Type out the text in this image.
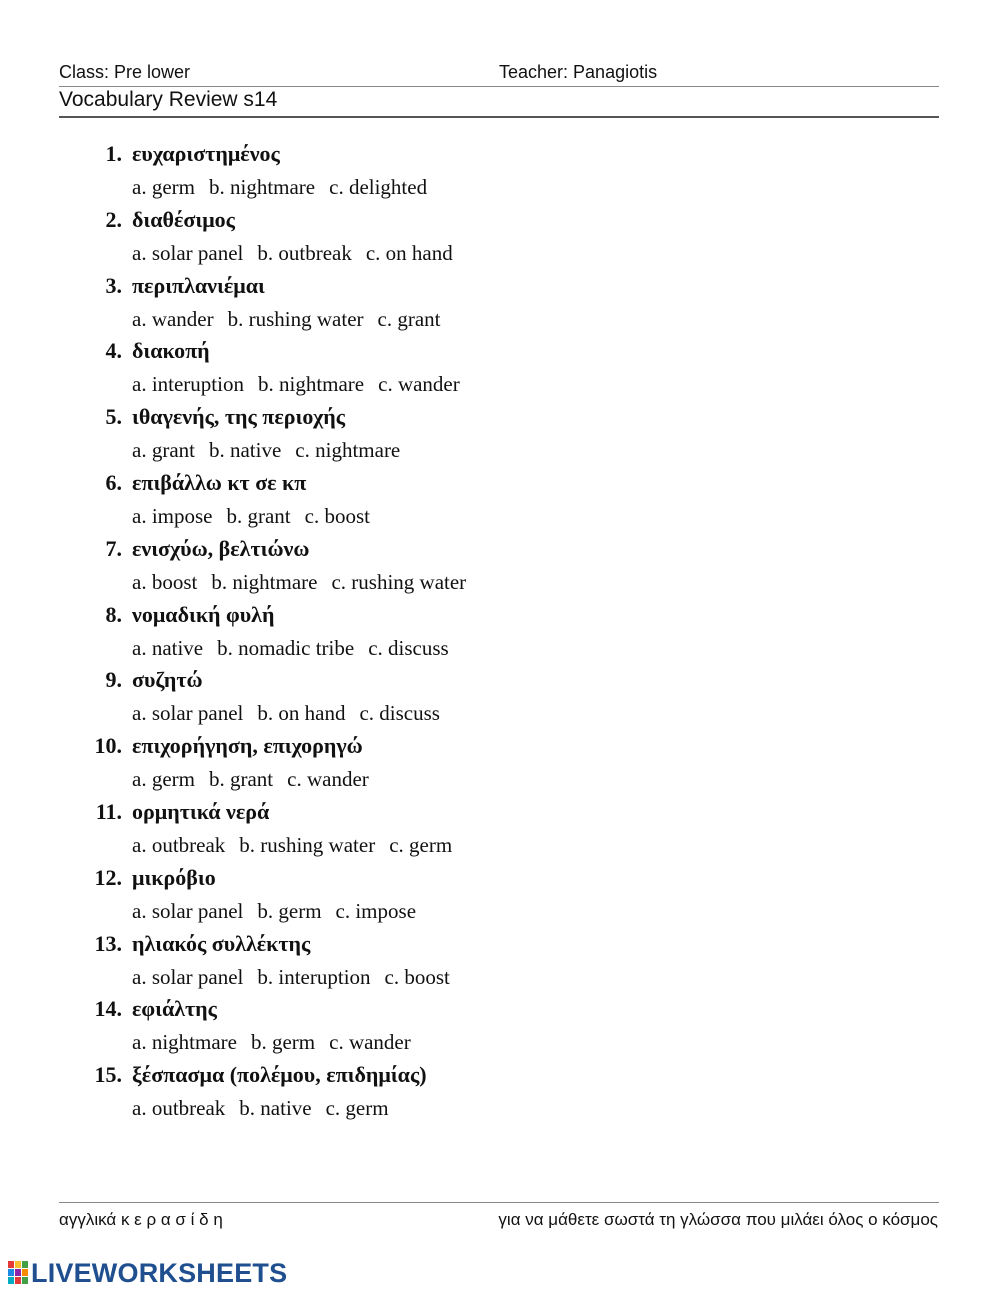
Class: Pre lower	Teacher: Panagiotis
Vocabulary Review s14
1. ευχαριστημένος
a. germ b. nightmare c. delighted
2. διαθέσιμος
a. solar panel b. outbreak c. on hand
3. περιπλανιέμαι
a. wander b. rushing water c. grant
4. διακοπή
a. interuption b. nightmare c. wander
5. ιθαγενής, της περιοχής
a. grant b. native c. nightmare
6. επιβάλλω κτ σε κπ
a. impose b. grant c. boost
7. ενισχύω, βελτιώνω
a. boost b. nightmare c. rushing water
8. νομαδική φυλή
a. native b. nomadic tribe c. discuss
9. συζητώ
a. solar panel b. on hand c. discuss
10. επιχορήγηση, επιχορηγώ
a. germ b. grant c. wander
11. ορμητικά νερά
a. outbreak b. rushing water c. germ
12. μικρόβιο
a. solar panel b. germ c. impose
13. ηλιακός συλλέκτης
a. solar panel b. interuption c. boost
14. εφιάλτης
a. nightmare b. germ c. wander
15. ξέσπασμα (πολέμου, επιδημίας)
a. outbreak b. native c. germ
αγγλικά κ ε ρ α σ ί δ η	για να μάθετε σωστά τη γλώσσα που μιλάει όλος ο κόσμος
LIVEWORKSHEETS
